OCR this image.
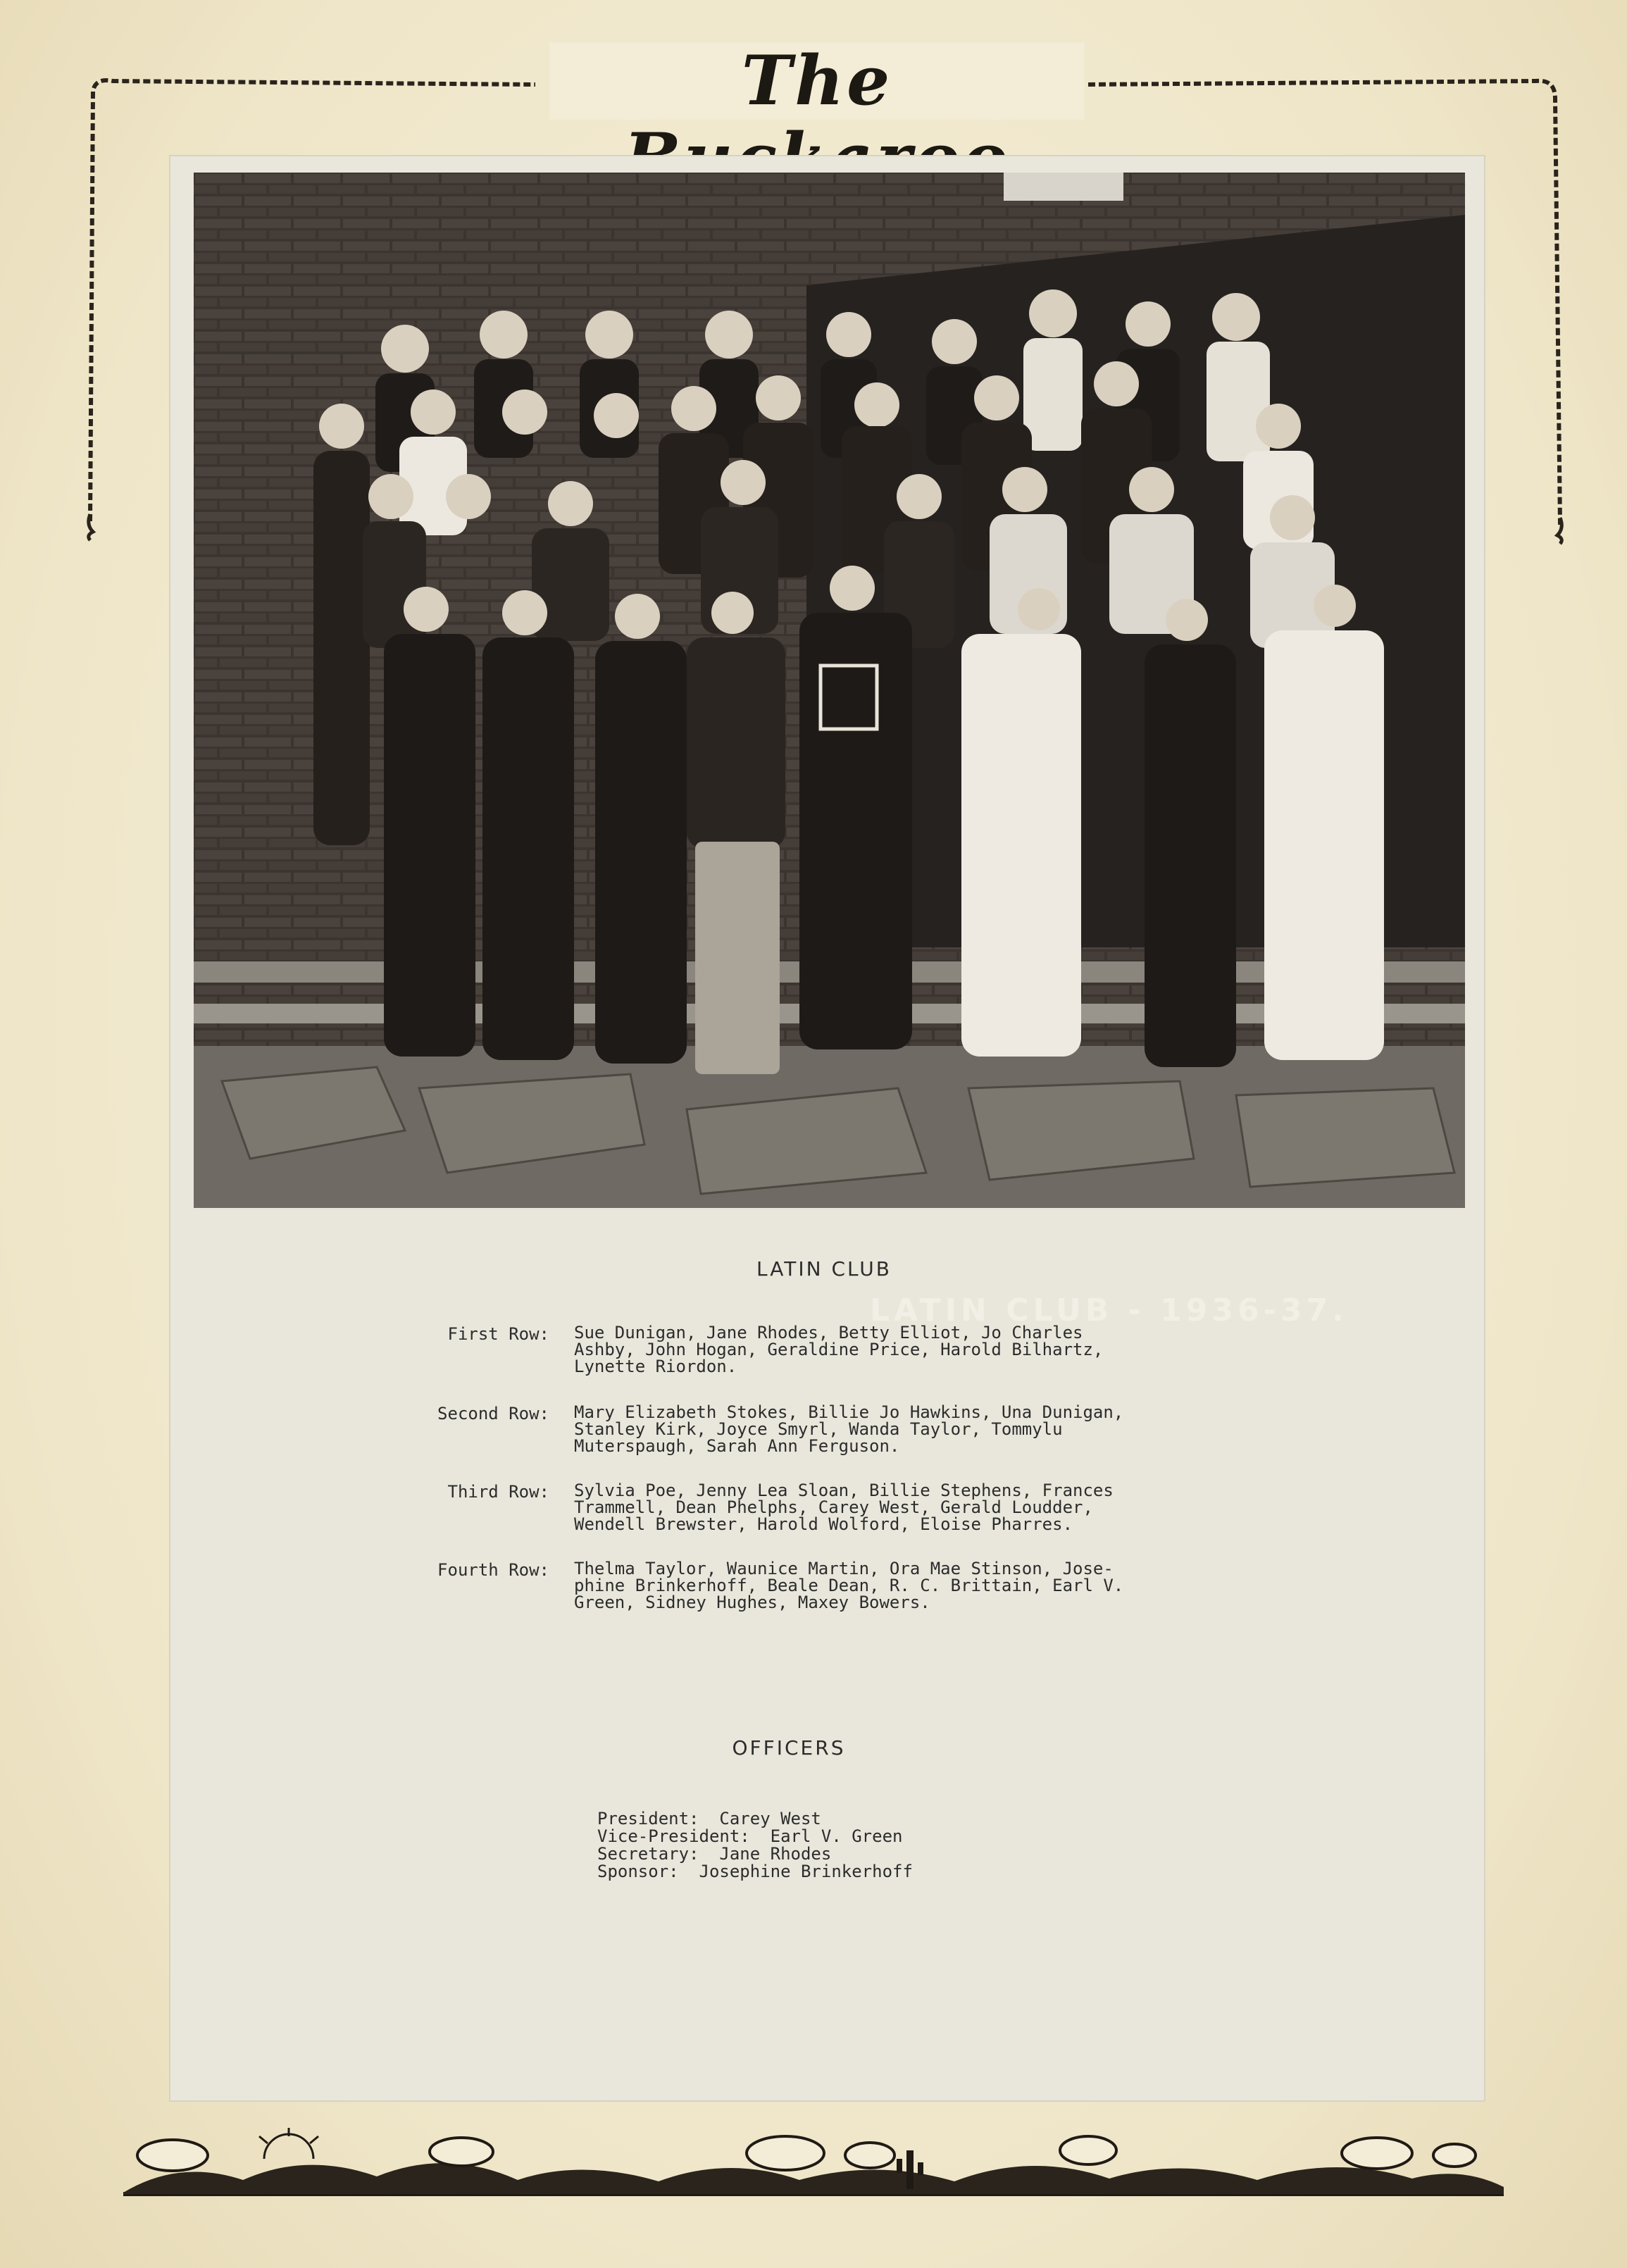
The
LATIN CLUB - 1936-37.
LATIN CLUB
First Row: Sue Dunigan, Jane Rhodes, Betty Elliot, Jo Charles
Ashby, John Hogan, Geraldine Price, Harold Bilhartz,
Lynette Riordon.
Second Row: Mary Elizabeth Stokes, Billie Jo Hawkins, Una Dunigan,
Stanley Kirk, Joyce Smyrl, Wanda Taylor, Tommylu
Muterspaugh, Sarah Ann Ferguson.
Third Row: Sylvia Poe, Jenny Lea Sloan, Billie Stephens, Frances
Trammell, Dean Phelphs, Carey West, Gerald Loudder,
Wendell Brewster, Harold Wolford, Eloise Pharres.
Fourth Row: Thelma Taylor, Waunice Martin, Ora Mae Stinson, Jose-
phine Brinkerhoff, Beale Dean, R. C. Brittain, Earl V.
Green, Sidney Hughes, Maxey Bowers.
OFFICERS
President:  Carey West
Vice-President:  Earl V. Green
Secretary:  Jane Rhodes
Sponsor:  Josephine Brinkerhoff
